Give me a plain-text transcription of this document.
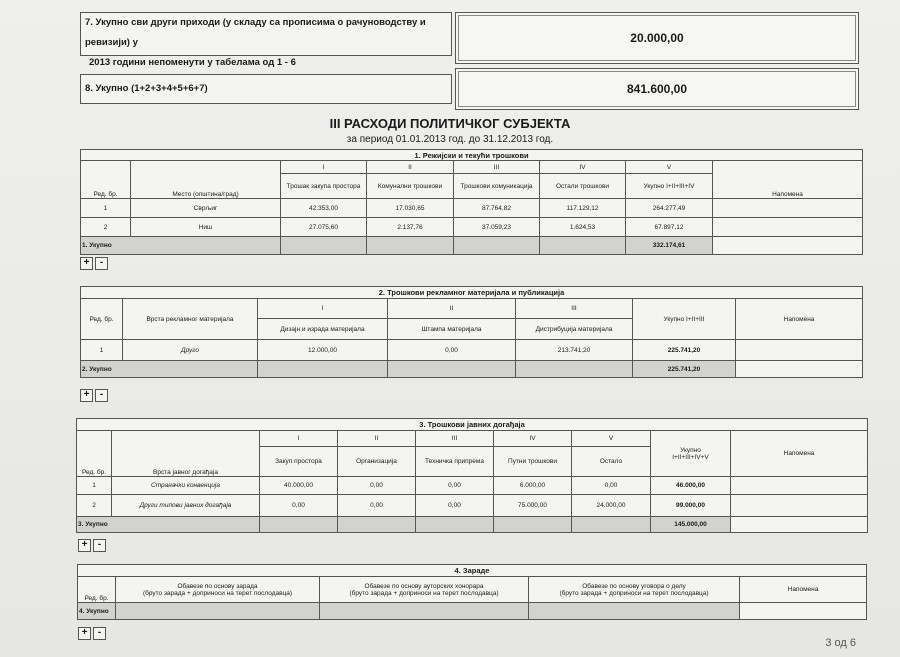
7. Укупно сви други приходи (у складу са прописима о рачуноводству и ревизији) у
2013 години непоменути у табелама од 1 - 6
20.000,00
8. Укупно (1+2+3+4+5+6+7)	841.600,00
III РАСХОДИ ПОЛИТИЧКОГ СУБЈЕКТА
за период 01.01.2013 год. до 31.12.2013 год.
1. Режијски и текући трошкови							
Ред. бр.	Место (општина/град)	I	II	III	IV	V	Напомена
		Трошак закупа простора	Комунални трошкови	Трошкови комуникација	Остали трошкови	Укупно I+II+III+IV	
1	Сврљиг	42.353,00	17.030,65	87.764,82	117.129,12	264.277,49	
2	Ниш	27.075,60	2.137,76	37.059,23	1.624,53	67.897,12	
1. Укупно						332.174,61	
+	-
2. Трошкови рекламног материјала и публикација						
Ред. бр.	Врста рекламног материјала	I	II	III	Укупно I+II+III	Напомена
		Дизајн и израда материјала	Штампа материјала	Дистрибуција материјала		
1	Друго	12.000,00	0,00	213.741,20	225.741,20	
2. Укупно					225.741,20	
+	-
3. Трошкови јавних догађаја								
Ред. бр.	Врста јавног догађаја	I	II	III	IV	V	Укупно
I+II+III+IV+V	Напомена
		Закуп простора	Организација	Техничка припрема	Путни трошкови	Остало		
1	Страначки конвенција	40.000,00	0,00	0,00	6.000,00	0,00	46.000,00	
2	Други типови јавних догађаја	0,00	0,00	0,00	75.000,00	24.000,00	99.000,00	
3. Укупно							145.000,00	
+	-
4. Зараде				
Ред. бр.	Обавезе по основу зарада
(бруто зарада + доприноси на терет послодавца)	Обавезе по основу ауторских хонорара
(бруто зарада + доприноси на терет послодавца)	Обавезе по основу уговора о делу
(бруто зарада + доприноси на терет послодавца)	Напомена
4. Укупно				
+	-
3 од 6
